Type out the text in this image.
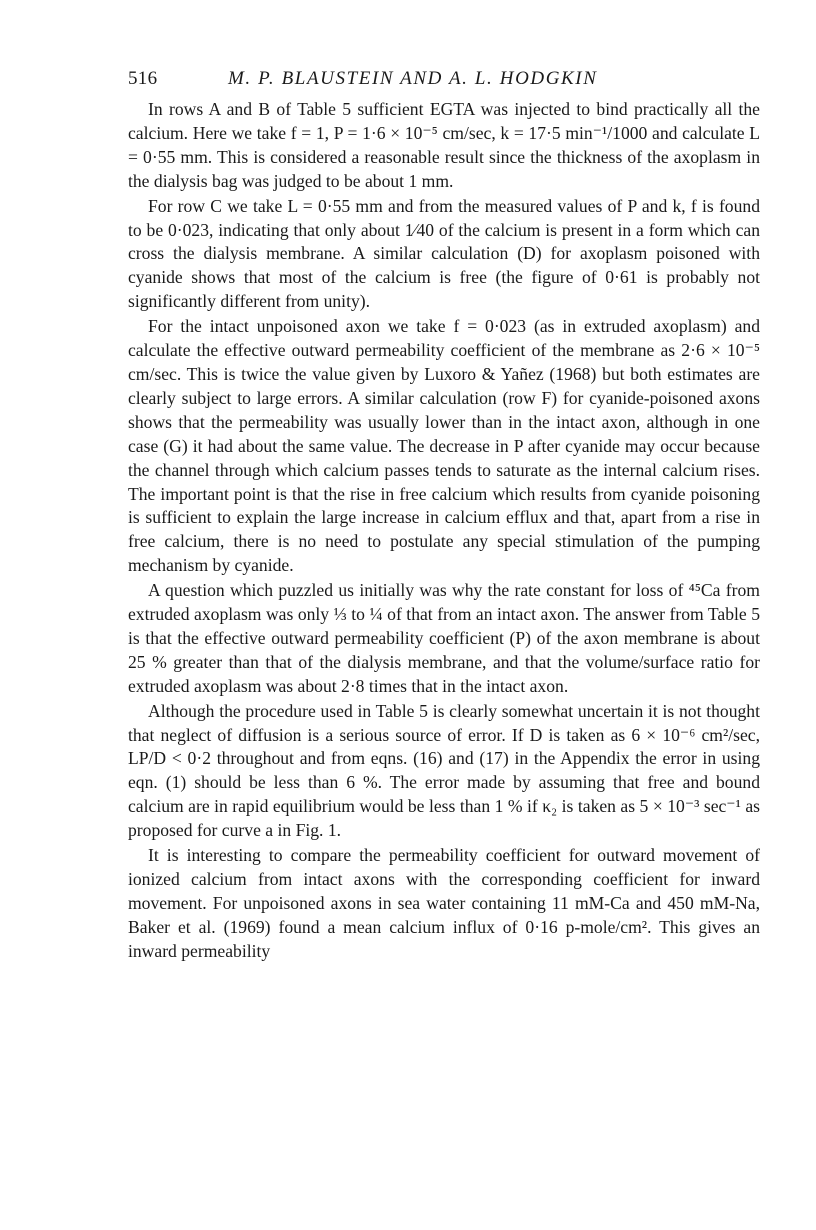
516	M. P. BLAUSTEIN AND A. L. HODGKIN

In rows A and B of Table 5 sufficient EGTA was injected to bind practically all the calcium. Here we take f = 1, P = 1·6 × 10⁻⁵ cm/sec, k = 17·5 min⁻¹/1000 and calculate L = 0·55 mm. This is considered a reasonable result since the thickness of the axoplasm in the dialysis bag was judged to be about 1 mm.

For row C we take L = 0·55 mm and from the measured values of P and k, f is found to be 0·023, indicating that only about 1⁄40 of the calcium is present in a form which can cross the dialysis membrane. A similar calculation (D) for axoplasm poisoned with cyanide shows that most of the calcium is free (the figure of 0·61 is probably not significantly different from unity).

For the intact unpoisoned axon we take f = 0·023 (as in extruded axoplasm) and calculate the effective outward permeability coefficient of the membrane as 2·6 × 10⁻⁵ cm/sec. This is twice the value given by Luxoro & Yañez (1968) but both estimates are clearly subject to large errors. A similar calculation (row F) for cyanide-poisoned axons shows that the permeability was usually lower than in the intact axon, although in one case (G) it had about the same value. The decrease in P after cyanide may occur because the channel through which calcium passes tends to saturate as the internal calcium rises. The important point is that the rise in free calcium which results from cyanide poisoning is sufficient to explain the large increase in calcium efflux and that, apart from a rise in free calcium, there is no need to postulate any special stimulation of the pumping mechanism by cyanide.

A question which puzzled us initially was why the rate constant for loss of ⁴⁵Ca from extruded axoplasm was only ⅓ to ¼ of that from an intact axon. The answer from Table 5 is that the effective outward permeability coefficient (P) of the axon membrane is about 25 % greater than that of the dialysis membrane, and that the volume/surface ratio for extruded axoplasm was about 2·8 times that in the intact axon.

Although the procedure used in Table 5 is clearly somewhat uncertain it is not thought that neglect of diffusion is a serious source of error. If D is taken as 6 × 10⁻⁶ cm²/sec, LP/D < 0·2 throughout and from eqns. (16) and (17) in the Appendix the error in using eqn. (1) should be less than 6 %. The error made by assuming that free and bound calcium are in rapid equilibrium would be less than 1 % if κ₂ is taken as 5 × 10⁻³ sec⁻¹ as proposed for curve a in Fig. 1.

It is interesting to compare the permeability coefficient for outward movement of ionized calcium from intact axons with the corresponding coefficient for inward movement. For unpoisoned axons in sea water containing 11 mM-Ca and 450 mM-Na, Baker et al. (1969) found a mean calcium influx of 0·16 p-mole/cm². This gives an inward permeability
